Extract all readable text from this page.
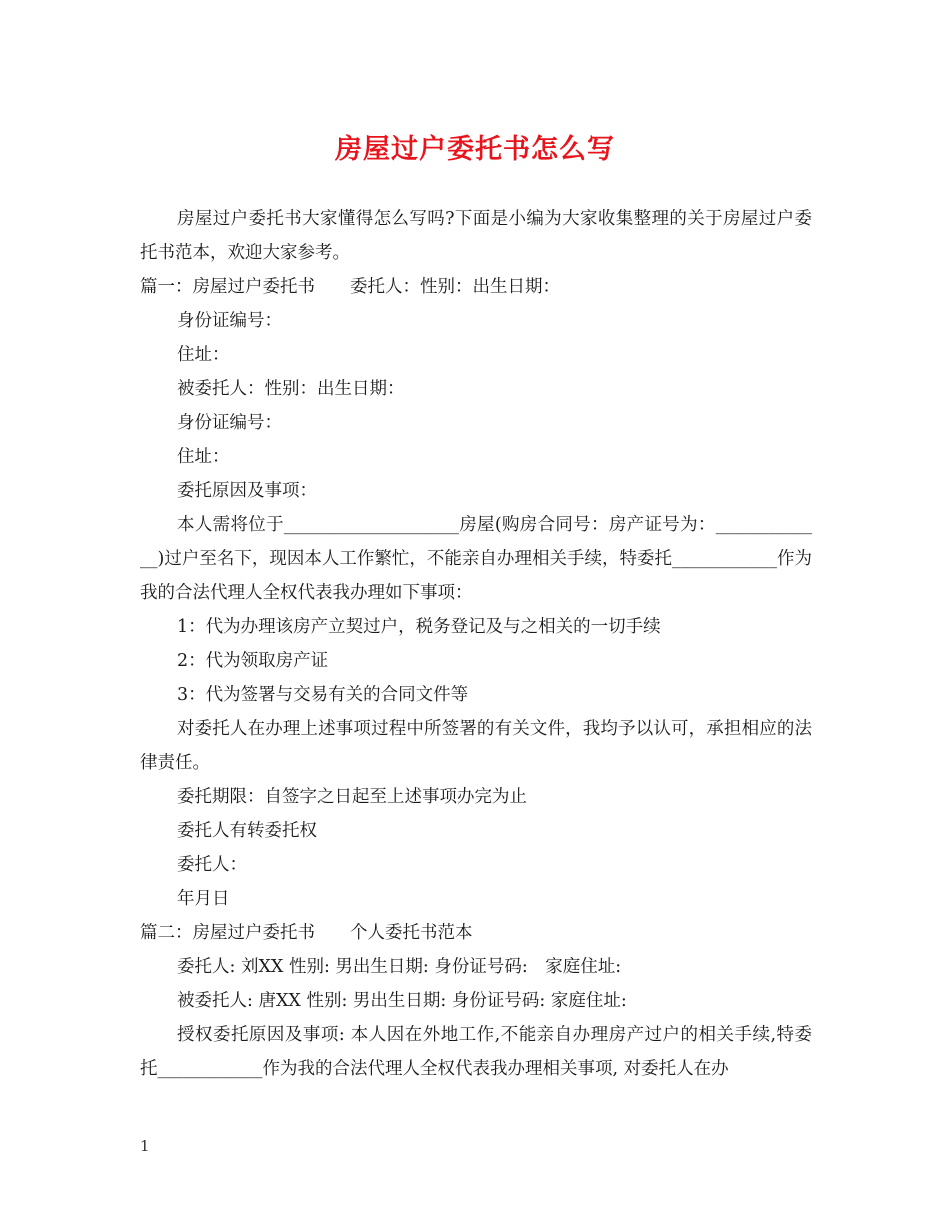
房屋过户委托书怎么写

房屋过户委托书大家懂得怎么写吗?下面是小编为大家收集整理的关于房屋过户委托书范本，欢迎大家参考。

篇一：房屋过户委托书　　委托人：性别：出生日期：

身份证编号：

住址：

被委托人：性别：出生日期：

身份证编号：

住址：

委托原因及事项：

本人需将位于____________________房屋(购房合同号：房产证号为：_____________)过户至名下，现因本人工作繁忙，不能亲自办理相关手续，特委托____________作为我的合法代理人全权代表我办理如下事项：

1：代为办理该房产立契过户，税务登记及与之相关的一切手续

2：代为领取房产证

3：代为签署与交易有关的合同文件等

对委托人在办理上述事项过程中所签署的有关文件，我均予以认可，承担相应的法律责任。

委托期限：自签字之日起至上述事项办完为止

委托人有转委托权

委托人：

年月日

篇二：房屋过户委托书　　个人委托书范本

委托人: 刘XX 性别: 男出生日期: 身份证号码:　家庭住址:

被委托人: 唐XX 性别: 男出生日期: 身份证号码: 家庭住址:

授权委托原因及事项: 本人因在外地工作,不能亲自办理房产过户的相关手续,特委托____________作为我的合法代理人全权代表我办理相关事项, 对委托人在办

1
